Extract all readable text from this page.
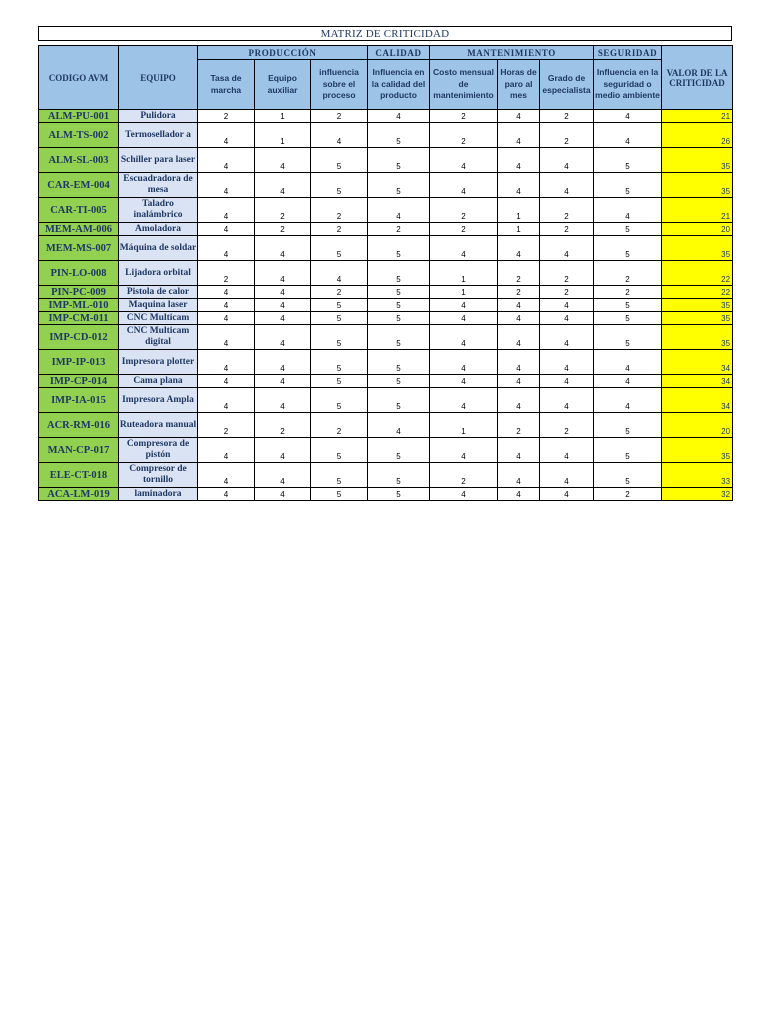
MATRIZ DE CRITICIDAD
CODIGO AVM	EQUIPO	PRODUCCIÓN			CALIDAD	MANTENIMIENTO			SEGURIDAD	VALOR DE LA CRITICIDAD
		Tasa de marcha	Equipo auxiliar	influencia sobre el proceso	Influencia en la calidad del producto	Costo mensual de mantenimiento	Horas de paro al mes	Grado de especialista	Influencia en la seguridad o medio ambiente	
ALM-PU-001	Pulidora	2	1	2	4	2	4	2	4	21
ALM-TS-002	Termosellador a	4	1	4	5	2	4	2	4	26
ALM-SL-003	Schiller para laser	4	4	5	5	4	4	4	5	35
CAR-EM-004	Escuadradora de mesa	4	4	5	5	4	4	4	5	35
CAR-TI-005	Taladro inalámbrico	4	2	2	4	2	1	2	4	21
MEM-AM-006	Amoladora	4	2	2	2	2	1	2	5	20
MEM-MS-007	Máquina de soldar	4	4	5	5	4	4	4	5	35
PIN-LO-008	Lijadora orbital	2	4	4	5	1	2	2	2	22
PIN-PC-009	Pistola de calor	4	4	2	5	1	2	2	2	22
IMP-ML-010	Maquina laser	4	4	5	5	4	4	4	5	35
IMP-CM-011	CNC Multicam	4	4	5	5	4	4	4	5	35
IMP-CD-012	CNC Multicam digital	4	4	5	5	4	4	4	5	35
IMP-IP-013	Impresora plotter	4	4	5	5	4	4	4	4	34
IMP-CP-014	Cama plana	4	4	5	5	4	4	4	4	34
IMP-IA-015	Impresora Ampla	4	4	5	5	4	4	4	4	34
ACR-RM-016	Ruteadora manual	2	2	2	4	1	2	2	5	20
MAN-CP-017	Compresora de pistón	4	4	5	5	4	4	4	5	35
ELE-CT-018	Compresor de tornillo	4	4	5	5	2	4	4	5	33
ACA-LM-019	laminadora	4	4	5	5	4	4	4	2	32
